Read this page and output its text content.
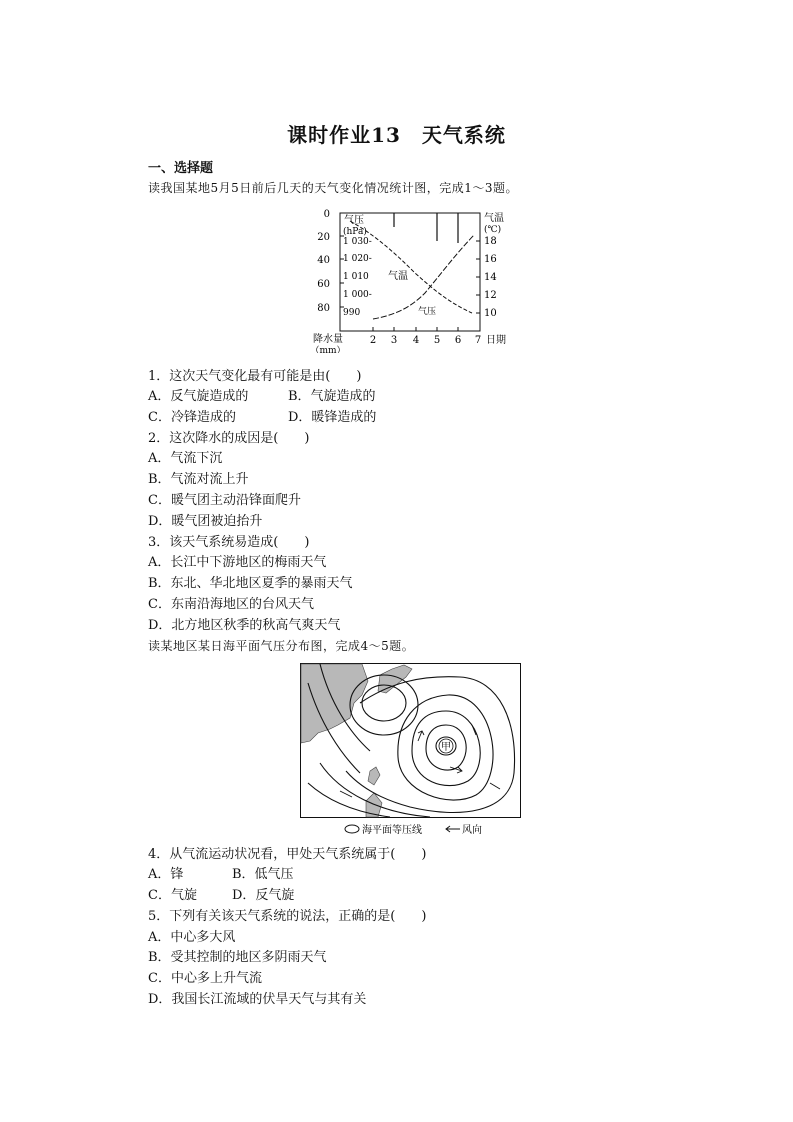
课时作业13　天气系统
一、选择题
读我国某地5月5日前后几天的天气变化情况统计图，完成1～3题。
0
20
40
60
80
降水量
（mm）
气压
(hPa)
1 030-
1 020-
1 010
1 000-
990
气温
(℃)
18
16
14
12
10
2 3 4 5 6 7 日期
气温
气压
1．这次天气变化最有可能是由(　　)
A．反气旋造成的	B．气旋造成的
C．冷锋造成的	D．暖锋造成的
2．这次降水的成因是(　　)
A．气流下沉
B．气流对流上升
C．暖气团主动沿锋面爬升
D．暖气团被迫抬升
3．该天气系统易造成(　　)
A．长江中下游地区的梅雨天气
B．东北、华北地区夏季的暴雨天气
C．东南沿海地区的台风天气
D．北方地区秋季的秋高气爽天气
读某地区某日海平面气压分布图，完成4～5题。
甲
海平面等压线	风向
4．从气流运动状况看，甲处天气系统属于(　　)
A．锋	B．低气压
C．气旋	D．反气旋
5．下列有关该天气系统的说法，正确的是(　　)
A．中心多大风
B．受其控制的地区多阴雨天气
C．中心多上升气流
D．我国长江流域的伏旱天气与其有关
